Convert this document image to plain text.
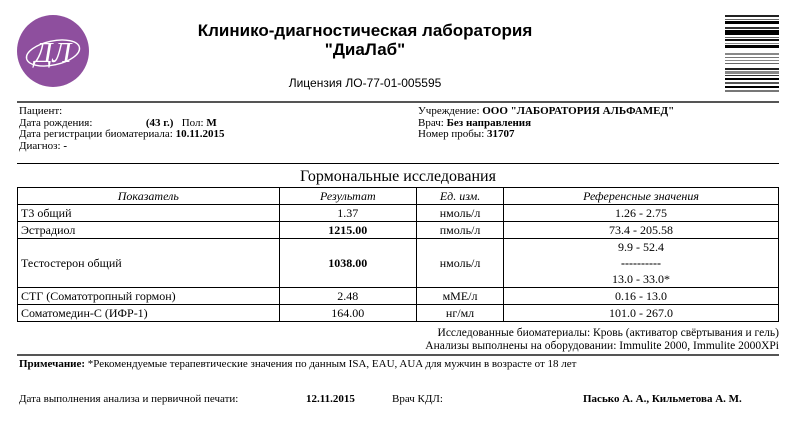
ДЛ
Клинико-диагностическая лаборатория
"ДиаЛаб"
Лицензия ЛО-77-01-005595
Пациент:
Дата рождения:	(43 г.) Пол: М
Дата регистрации биоматериала: 10.11.2015
Диагноз: -
Учреждение: ООО "ЛАБОРАТОРИЯ АЛЬФАМЕД"
Врач: Без направления
Номер пробы: 31707
Гормональные исследования
Показатель	Результат	Ед. изм.	Референсные значения
Т3 общий	1.37	нмоль/л	1.26 - 2.75
Эстрадиол	1215.00	пмоль/л	73.4 - 205.58
Тестостерон общий	1038.00	нмоль/л	9.9 - 52.4
----------
13.0 - 33.0*

СТГ (Соматотропный гормон)	2.48	мМЕ/л	0.16 - 13.0
Соматомедин-С (ИФР-1)	164.00	нг/мл	101.0 - 267.0
Исследованные биоматериалы: Кровь (активатор свёртывания и гель)
Анализы выполнены на оборудовании: Immulite 2000, Immulite 2000XPi
Примечание: *Рекомендуемые терапевтические значения по данным ISA, EAU, AUA для мужчин в возрасте от 18 лет
Дата выполнения анализа и первичной печати:	12.11.2015	Врач КДЛ:	Пасько А. А., Кильметова А. М.
